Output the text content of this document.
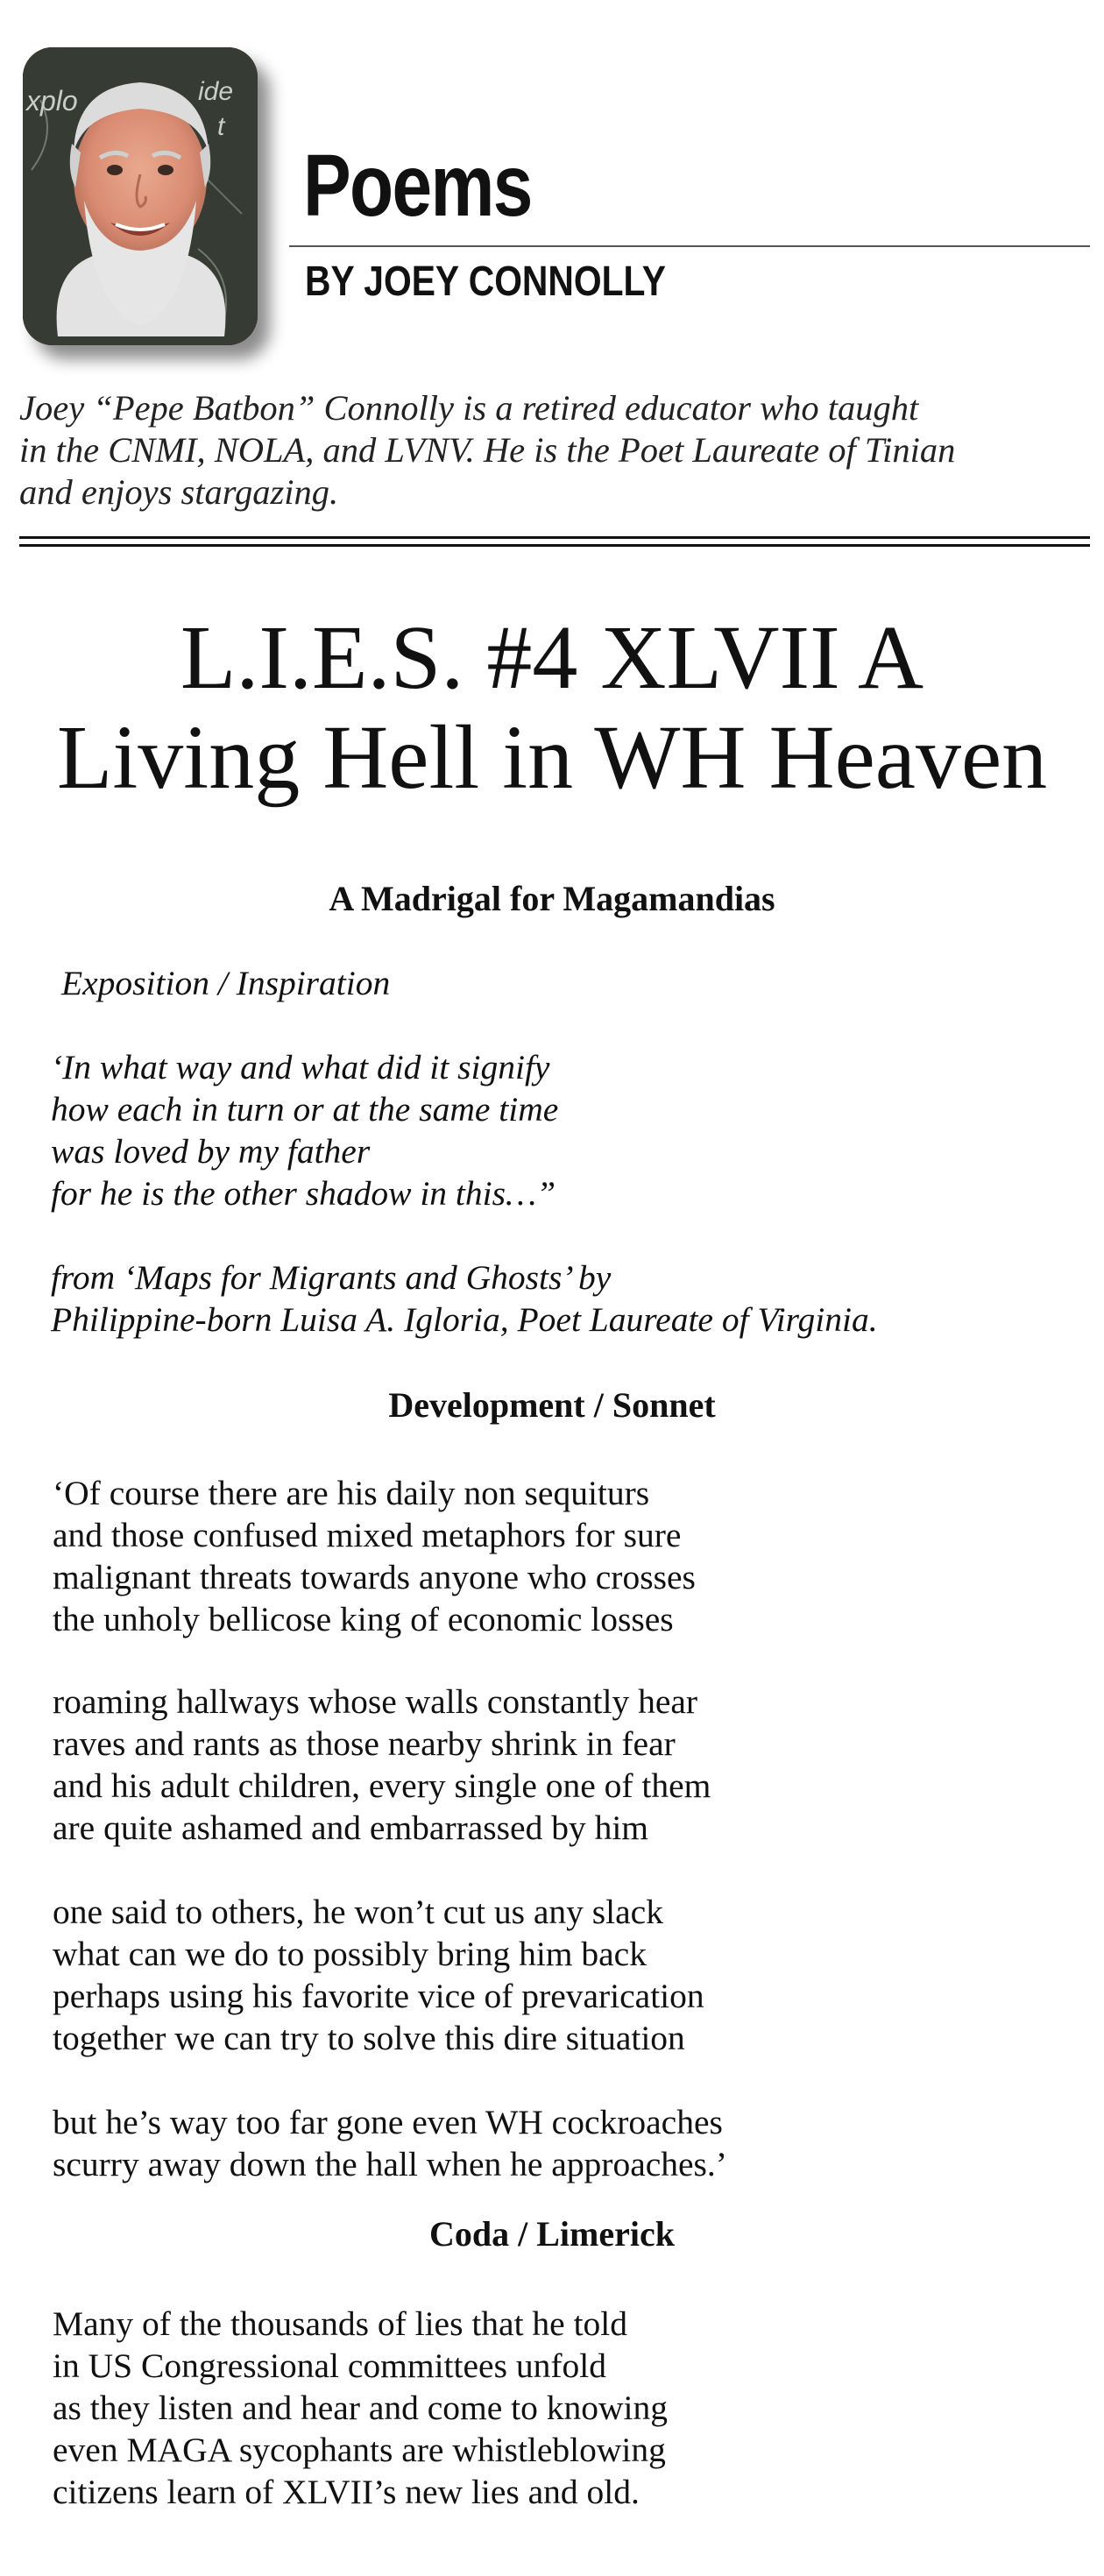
xplo	ide
t
Poems
BY JOEY CONNOLLY

Joey “Pepe Batbon” Connolly is a retired educator who taught
in the CNMI, NOLA, and LVNV. He is the Poet Laureate of Tinian
and enjoys stargazing.

L.I.E.S. #4 XLVII A
Living Hell in WH Heaven
A Madrigal for Magamandias
Exposition / Inspiration

‘In what way and what did it signify
how each in turn or at the same time
was loved by my father
for he is the other shadow in this…”

from ‘Maps for Migrants and Ghosts’ by
Philippine-born Luisa A. Igloria, Poet Laureate of Virginia.

Development / Sonnet

‘Of course there are his daily non sequiturs
and those confused mixed metaphors for sure
malignant threats towards anyone who crosses
the unholy bellicose king of economic losses

roaming hallways whose walls constantly hear
raves and rants as those nearby shrink in fear
and his adult children, every single one of them
are quite ashamed and embarrassed by him

one said to others, he won’t cut us any slack
what can we do to possibly bring him back
perhaps using his favorite vice of prevarication
together we can try to solve this dire situation

but he’s way too far gone even WH cockroaches
scurry away down the hall when he approaches.’

Coda / Limerick

Many of the thousands of lies that he told
in US Congressional committees unfold
as they listen and hear and come to knowing
even MAGA sycophants are whistleblowing
citizens learn of XLVII’s new lies and old.
